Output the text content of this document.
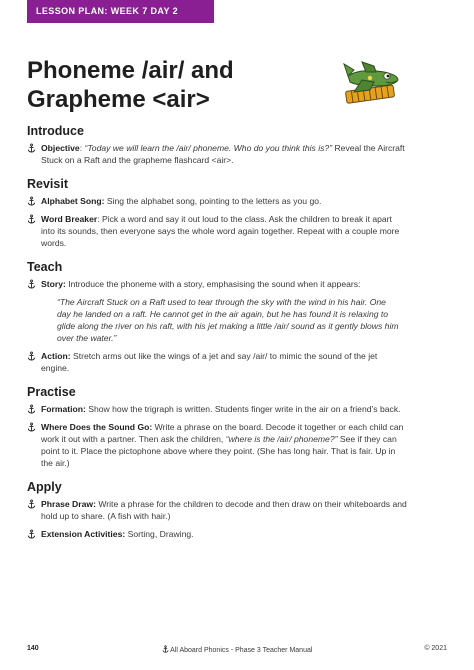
LESSON PLAN: WEEK 7 DAY 2
Phoneme /air/ and
Grapheme <air>
Introduce
Objective: “Today we will learn the /air/ phoneme. Who do you think this is?” Reveal the Aircraft Stuck on a Raft and the grapheme flashcard <air>.
Revisit
Alphabet Song: Sing the alphabet song, pointing to the letters as you go.
Word Breaker: Pick a word and say it out loud to the class. Ask the children to break it apart into its sounds, then everyone says the whole word again together. Repeat with a couple more words.
Teach
Story: Introduce the phoneme with a story, emphasising the sound when it appears:
“The Aircraft Stuck on a Raft used to tear through the sky with the wind in his hair. One day he landed on a raft. He cannot get in the air again, but he has found it is relaxing to glide along the river on his raft, with his jet making a little /air/ sound as it gently blows him over the water.”
Action: Stretch arms out like the wings of a jet and say /air/ to mimic the sound of the jet engine.
Practise
Formation: Show how the trigraph is written. Students finger write in the air on a friend’s back.
Where Does the Sound Go: Write a phrase on the board. Decode it together or each child can work it out with a partner. Then ask the children, “where is the /air/ phoneme?” See if they can point to it. Place the pictophone above where they point. (She has long hair. That is fair. Up in the air.)
Apply
Phrase Draw: Write a phrase for the children to decode and then draw on their whiteboards and hold up to share. (A fish with hair.)
Extension Activities: Sorting, Drawing.
140	All Aboard Phonics - Phase 3 Teacher Manual	© 2021
